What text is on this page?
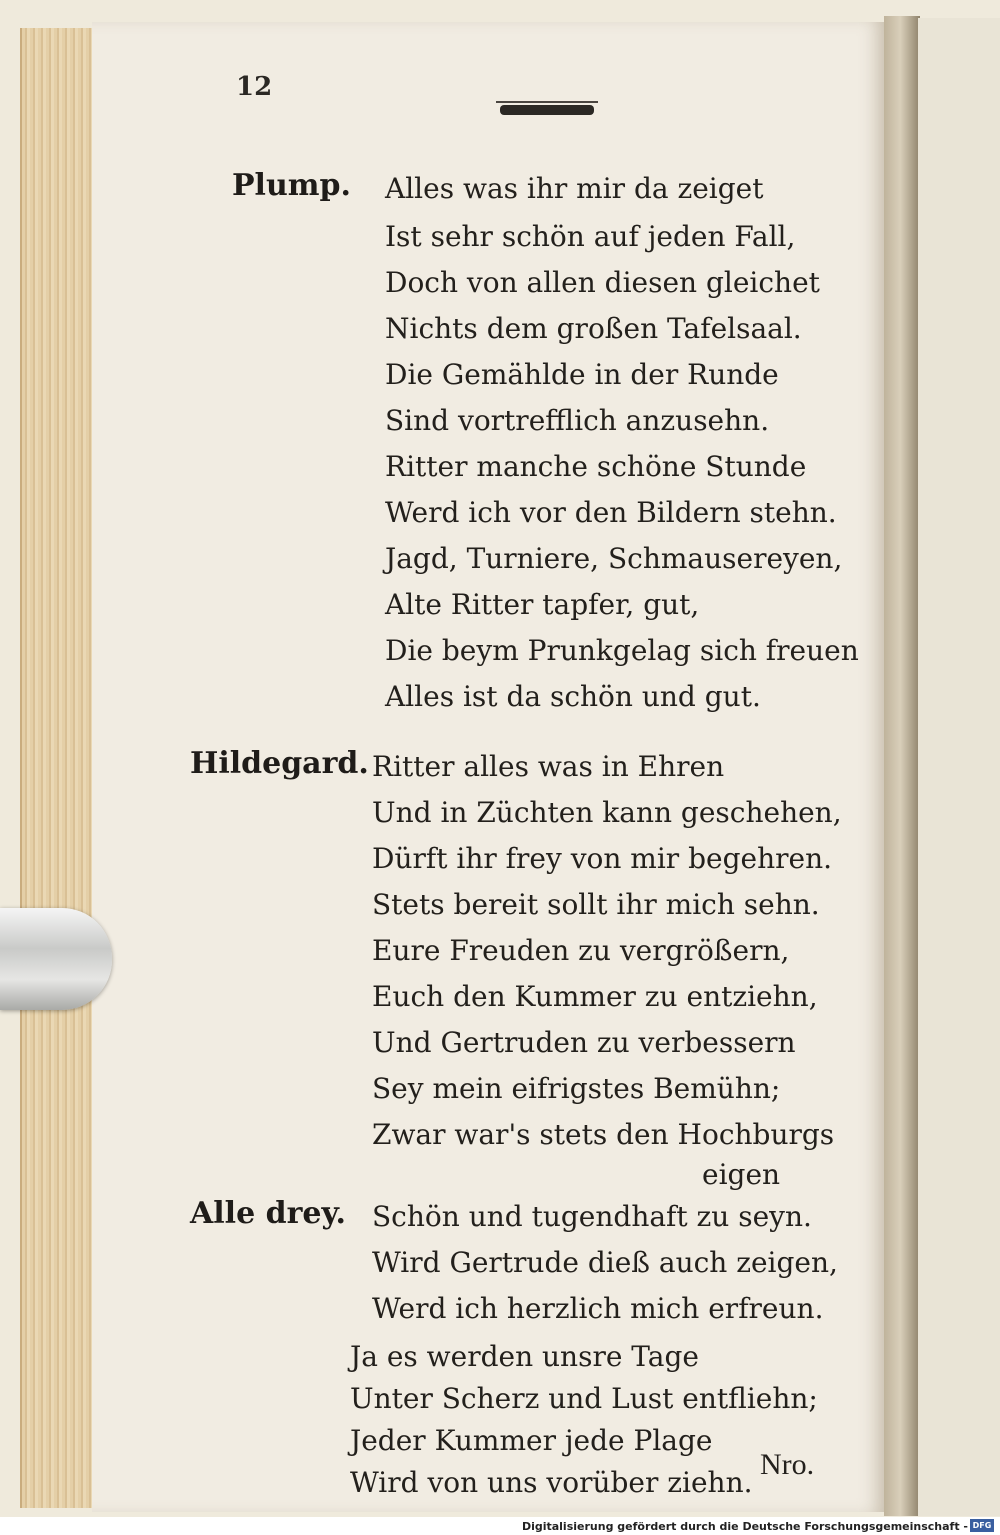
12
Plump. Alles was ihr mir da zeiget
Ist sehr schön auf jeden Fall,
Doch von allen diesen gleichet
Nichts dem großen Tafelsaal.
Die Gemählde in der Runde
Sind vortrefflich anzusehn.
Ritter manche schöne Stunde
Werd ich vor den Bildern stehn.
Jagd, Turniere, Schmausereyen,
Alte Ritter tapfer, gut,
Die beym Prunkgelag sich freuen
Alles ist da schön und gut.
Hildegard. Ritter alles was in Ehren
Und in Züchten kann geschehen,
Dürft ihr frey von mir begehren.
Stets bereit sollt ihr mich sehn.
Eure Freuden zu vergrößern,
Euch den Kummer zu entziehn,
Und Gertruden zu verbessern
Sey mein eifrigstes Bemühn;
Zwar war's stets den Hochburgs
eigen
Schön und tugendhaft zu seyn.
Wird Gertrude dieß auch zeigen,
Werd ich herzlich mich erfreun.
Alle drey.
Ja es werden unsre Tage
Unter Scherz und Lust entfliehn;
Jeder Kummer jede Plage
Wird von uns vorüber ziehn.
Nro.
Digitalisierung gefördert durch die Deutsche Forschungsgemeinschaft - DFG
